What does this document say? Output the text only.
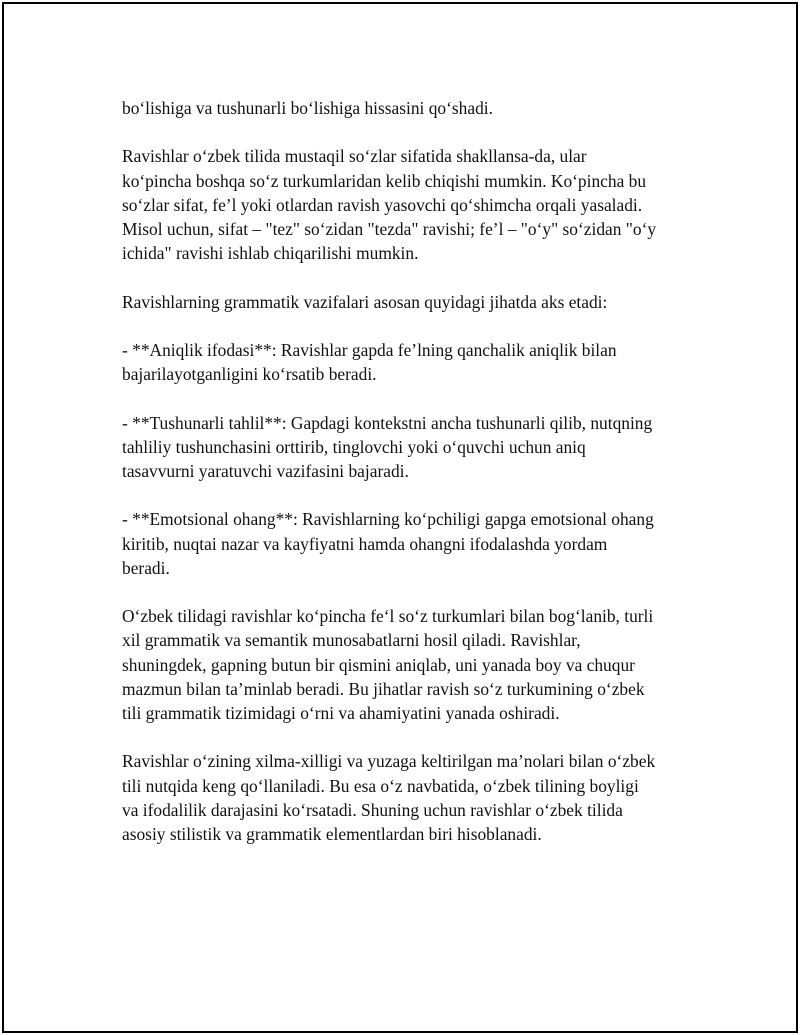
bo‘lishiga va tushunarli bo‘lishiga hissasini qo‘shadi.

Ravishlar o‘zbek tilida mustaqil so‘zlar sifatida shakllansa-da, ular
ko‘pincha boshqa so‘z turkumlaridan kelib chiqishi mumkin. Ko‘pincha bu
so‘zlar sifat, fe’l yoki otlardan ravish yasovchi qo‘shimcha orqali yasaladi.
Misol uchun, sifat – "tez" so‘zidan "tezda" ravishi; fe’l – "o‘y" so‘zidan "o‘y
ichida" ravishi ishlab chiqarilishi mumkin.

Ravishlarning grammatik vazifalari asosan quyidagi jihatda aks etadi:

- **Aniqlik ifodasi**: Ravishlar gapda fe’lning qanchalik aniqlik bilan
bajarilayotganligini ko‘rsatib beradi.

- **Tushunarli tahlil**: Gapdagi kontekstni ancha tushunarli qilib, nutqning
tahliliy tushunchasini orttirib, tinglovchi yoki o‘quvchi uchun aniq
tasavvurni yaratuvchi vazifasini bajaradi.

- **Emotsional ohang**: Ravishlarning ko‘pchiligi gapga emotsional ohang
kiritib, nuqtai nazar va kayfiyatni hamda ohangni ifodalashda yordam
beradi.

O‘zbek tilidagi ravishlar ko‘pincha fe‘l so‘z turkumlari bilan bog‘lanib, turli
xil grammatik va semantik munosabatlarni hosil qiladi. Ravishlar,
shuningdek, gapning butun bir qismini aniqlab, uni yanada boy va chuqur
mazmun bilan ta’minlab beradi. Bu jihatlar ravish so‘z turkumining o‘zbek
tili grammatik tizimidagi o‘rni va ahamiyatini yanada oshiradi.

Ravishlar o‘zining xilma-xilligi va yuzaga keltirilgan ma’nolari bilan o‘zbek
tili nutqida keng qo‘llaniladi. Bu esa o‘z navbatida, o‘zbek tilining boyligi
va ifodalilik darajasini ko‘rsatadi. Shuning uchun ravishlar o‘zbek tilida
asosiy stilistik va grammatik elementlardan biri hisoblanadi.
